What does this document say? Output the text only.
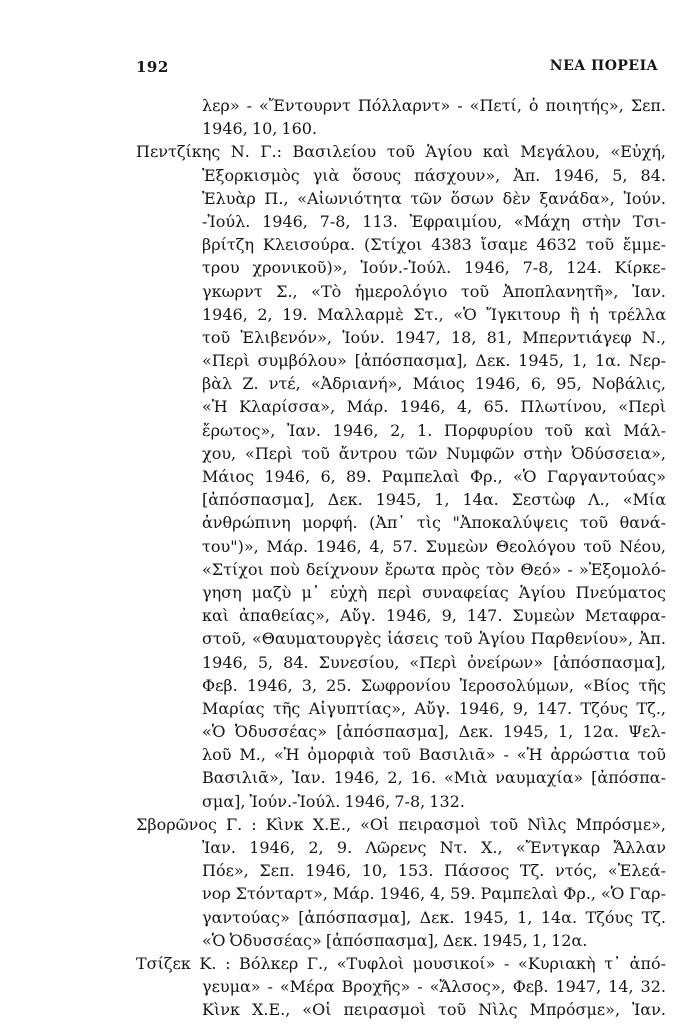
192	ΝΕΑ ΠΟΡΕΙΑ
λερ» - «Ἔντουρντ Πόλλαρντ» - «Πετί, ὁ ποιητής», Σεπ.
1946, 10, 160.
Πεντζίκης Ν. Γ.: Βασιλείου τοῦ Ἁγίου καὶ Μεγάλου, «Εὐχή,
Ἐξορκισμὸς γιὰ ὅσους πάσχουν», Ἀπ. 1946, 5, 84.
Ἐλυὰρ Π., «Αἰωνιότητα τῶν ὅσων δὲν ξανάδα», Ἰούν.
-Ἰούλ. 1946, 7-8, 113. Ἐφραιμίου, «Μάχη στὴν Τσι-
βρίτζη Κλεισούρα. (Στίχοι 4383 ἴσαμε 4632 τοῦ ἔμμε-
τρου χρονικοῦ)», Ἰούν.-Ἰούλ. 1946, 7-8, 124. Κίρκε-
γκωρντ Σ., «Τὸ ἡμερολόγιο τοῦ Ἀποπλανητῆ», Ἰαν.
1946, 2, 19. Μαλλαρμὲ Στ., «Ὁ Ἴγκιτουρ ἢ ἡ τρέλλα
τοῦ Ἐλιβενόν», Ἰούν. 1947, 18, 81, Μπερντιάγεφ Ν.,
«Περὶ συμβόλου» [ἀπόσπασμα], Δεκ. 1945, 1, 1α. Νερ-
βὰλ Ζ. ντέ, «Ἀδριανή», Μάιος 1946, 6, 95, Νοβάλις,
«Ἡ Κλαρίσσα», Μάρ. 1946, 4, 65. Πλωτίνου, «Περὶ
ἔρωτος», Ἰαν. 1946, 2, 1. Πορφυρίου τοῦ καὶ Μάλ-
χου, «Περὶ τοῦ ἄντρου τῶν Νυμφῶν στὴν Ὀδύσσεια»,
Μάιος 1946, 6, 89. Ραμπελαὶ Φρ., «Ὁ Γαργαντούας»
[ἀπόσπασμα], Δεκ. 1945, 1, 14α. Σεστὼφ Λ., «Μία
ἀνθρώπινη μορφή. (Ἀπ᾽ τὶς "Ἀποκαλύψεις τοῦ θανά-
του")», Μάρ. 1946, 4, 57. Συμεὼν Θεολόγου τοῦ Νέου,
«Στίχοι ποὺ δείχνουν ἔρωτα πρὸς τὸν Θεό» - »Ἐξομολό-
γηση μαζὺ μ᾽ εὐχὴ περὶ συναφείας Ἁγίου Πνεύματος
καὶ ἀπαθείας», Αὔγ. 1946, 9, 147. Συμεὼν Μεταφρα-
στοῦ, «Θαυματουργὲς ἰάσεις τοῦ Ἁγίου Παρθενίου», Ἀπ.
1946, 5, 84. Συνεσίου, «Περὶ ὀνείρων» [ἀπόσπασμα],
Φεβ. 1946, 3, 25. Σωφρονίου Ἱεροσολύμων, «Βίος τῆς
Μαρίας τῆς Αἰγυπτίας», Αὔγ. 1946, 9, 147. Τζόυς Τζ.,
«Ὁ Ὀδυσσέας» [ἀπόσπασμα], Δεκ. 1945, 1, 12α. Ψελ-
λοῦ Μ., «Ἡ ὀμορφιὰ τοῦ Βασιλιᾶ» - «Ἡ ἀρρώστια τοῦ
Βασιλιᾶ», Ἰαν. 1946, 2, 16. «Μιὰ ναυμαχία» [ἀπόσπα-
σμα], Ἰούν.-Ἰούλ. 1946, 7-8, 132.
Σβορῶνος Γ. : Κὶνκ Χ.Ε., «Οἱ πειρασμοὶ τοῦ Νὶλς Μπρόσμε»,
Ἰαν. 1946, 2, 9. Λῶρενς Ντ. Χ., «Ἔντγκαρ Ἄλλαν
Πόε», Σεπ. 1946, 10, 153. Πάσσος Τζ. ντός, «Ἐλεά-
νορ Στόνταρτ», Μάρ. 1946, 4, 59. Ραμπελαὶ Φρ., «Ὁ Γαρ-
γαντούας» [ἀπόσπασμα], Δεκ. 1945, 1, 14α. Τζόυς Τζ.
«Ὁ Ὀδυσσέας» [ἀπόσπασμα], Δεκ. 1945, 1, 12α.
Τσίζεκ Κ. : Βόλκερ Γ., «Τυφλοὶ μουσικοί» - «Κυριακὴ τ᾽ ἀπό-
γευμα» - «Μέρα Βροχῆς» - «Ἄλσος», Φεβ. 1947, 14, 32.
Κὶνκ Χ.Ε., «Οἱ πειρασμοὶ τοῦ Νὶλς Μπρόσμε», Ἰαν.
